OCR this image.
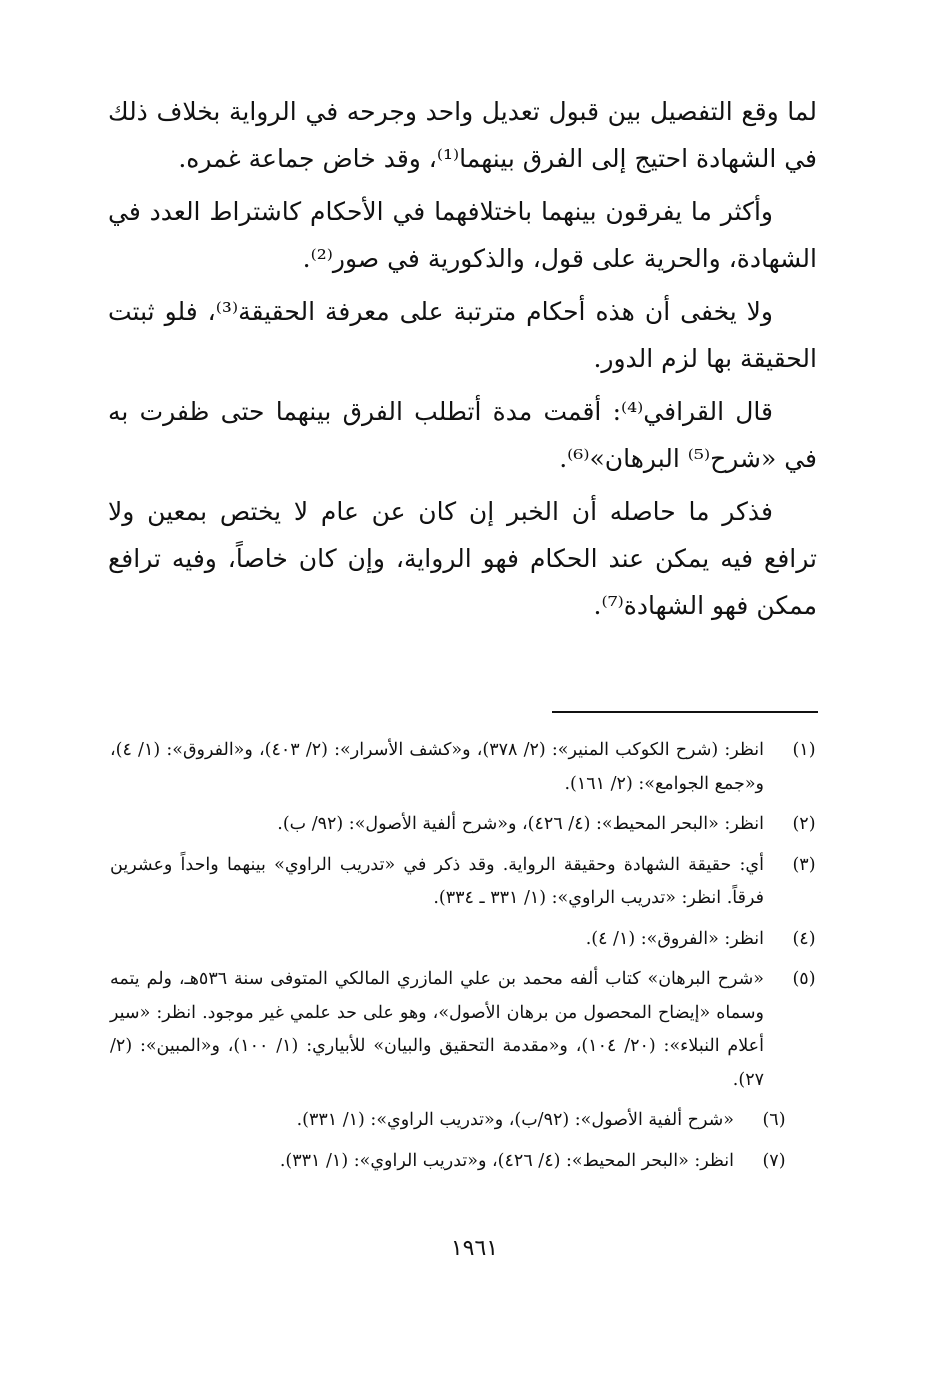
لما وقع التفصيل بين قبول تعديل واحد وجرحه في الرواية بخلاف ذلك في الشهادة احتيج إلى الفرق بينهما⁽¹⁾، وقد خاض جماعة غمره.

وأكثر ما يفرقون بينهما باختلافهما في الأحكام كاشتراط العدد في الشهادة، والحرية على قول، والذكورية في صور⁽²⁾.

ولا يخفى أن هذه أحكام مترتبة على معرفة الحقيقة⁽³⁾، فلو ثبتت الحقيقة بها لزم الدور.

قال القرافي⁽⁴⁾: أقمت مدة أتطلب الفرق بينهما حتى ظفرت به في «شرح⁽⁵⁾ البرهان»⁽⁶⁾.

فذكر ما حاصله أن الخبر إن كان عن عام لا يختص بمعين ولا ترافع فيه يمكن عند الحكام فهو الرواية، وإن كان خاصاً، وفيه ترافع ممكن فهو الشهادة⁽⁷⁾.

(١)
انظر: (شرح الكوكب المنير»: (٢/ ٣٧٨)، و«كشف الأسرار»: (٢/ ٤٠٣)، و«الفروق»: (١/ ٤)، و«جمع الجوامع»: (٢/ ١٦١).
(٢)
انظر: «البحر المحيط»: (٤/ ٤٢٦)، و«شرح ألفية الأصول»: (٩٢/ ب).
(٣)
أي: حقيقة الشهادة وحقيقة الرواية. وقد ذكر في «تدريب الراوي» بينهما واحداً وعشرين فرقاً. انظر: «تدريب الراوي»: (١/ ٣٣١ ـ ٣٣٤).
(٤)
انظر: «الفروق»: (١/ ٤).
(٥)
«شرح البرهان» كتاب ألفه محمد بن علي المازري المالكي المتوفى سنة ٥٣٦هـ، ولم يتمه وسماه «إيضاح المحصول من برهان الأصول»، وهو على حد علمي غير موجود. انظر: «سير أعلام النبلاء»: (٢٠/ ١٠٤)، و«مقدمة التحقيق والبيان» للأبياري: (١/ ١٠٠)، و«المبين»: (٢/ ٢٧).
(٦)
«شرح ألفية الأصول»: (٩٢/ب)، و«تدريب الراوي»: (١/ ٣٣١).
(٧)
انظر: «البحر المحيط»: (٤/ ٤٢٦)، و«تدريب الراوي»: (١/ ٣٣١).
١٩٦١
